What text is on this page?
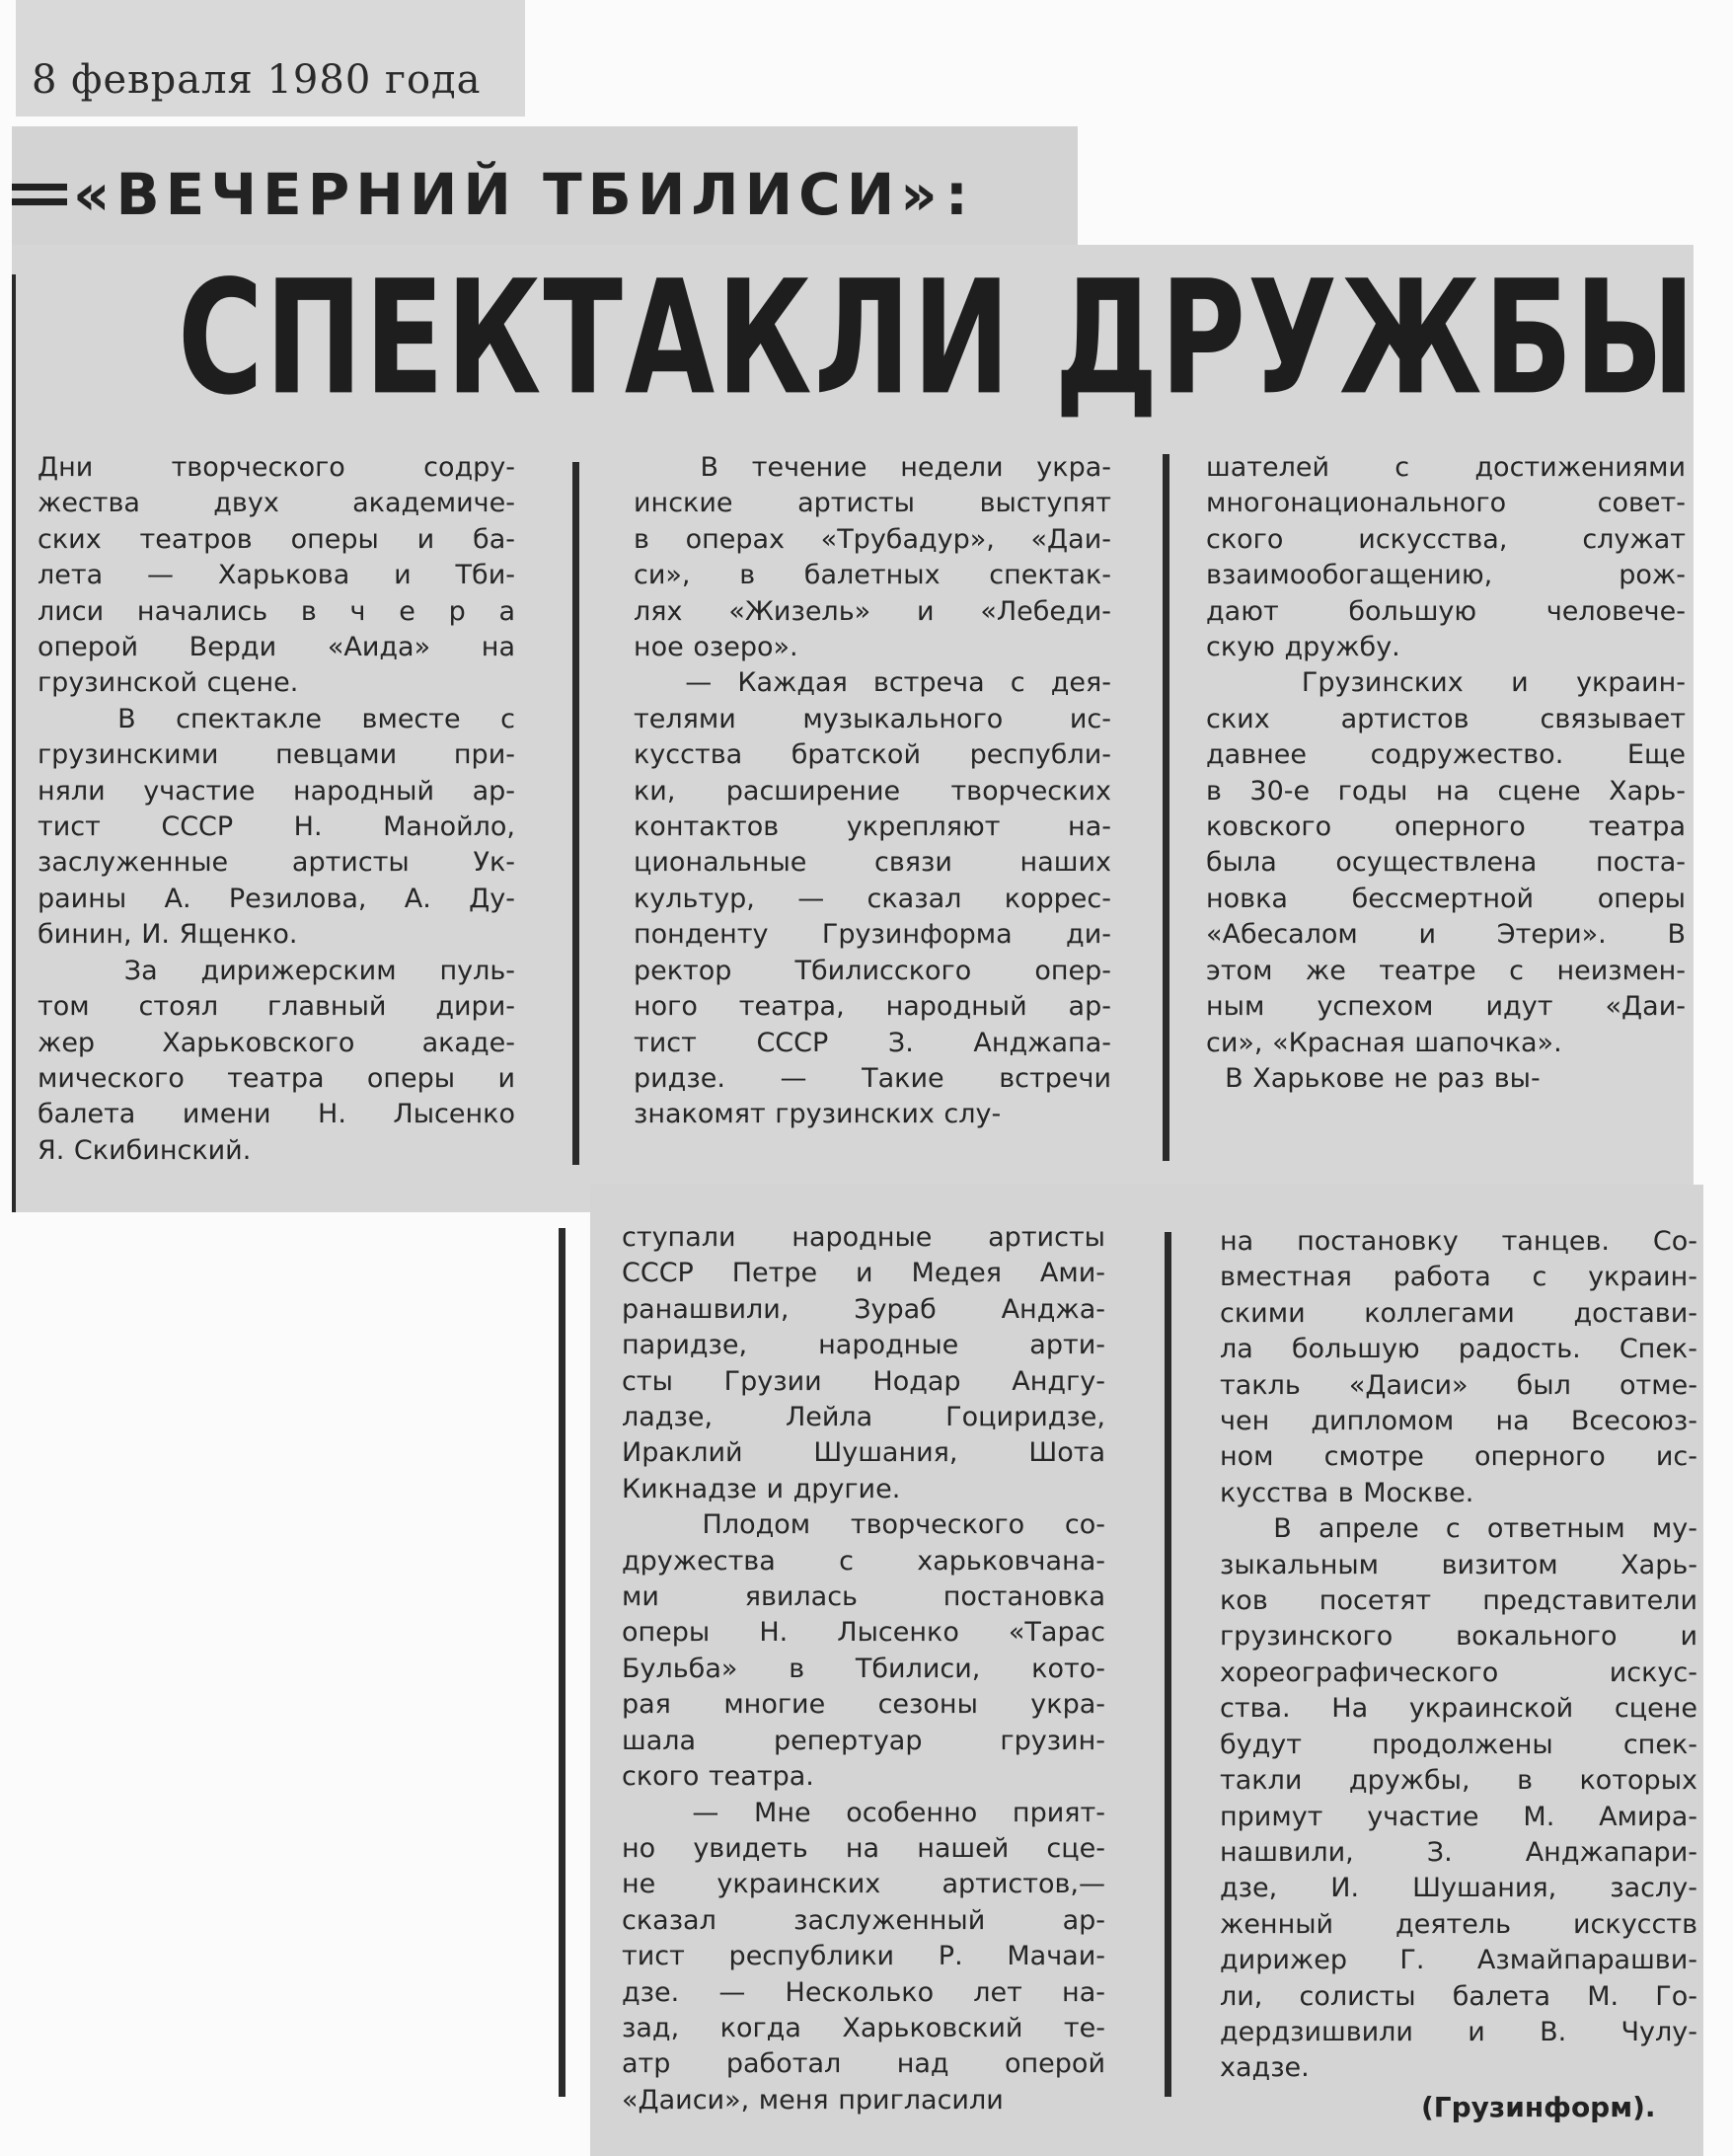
8 февраля 1980 года
«ВЕЧЕРНИЙ ТБИЛИСИ» :
СПЕКТАКЛИ ДРУЖБЫ

Дни творческого содру-

жества двух академиче-

ских театров оперы и ба-

лета — Харькова и Тби-

лиси начались в ч е р а

оперой Верди «Аида» на

грузинской сцене.

В спектакле вместе с

грузинскими певцами при-

няли участие народный ар-

тист СССР Н. Манойло,

заслуженные артисты Ук-

раины А. Резилова, А. Ду-

бинин, И. Ященко.

За дирижерским пуль-

том стоял главный дири-

жер Харьковского акаде-

мического театра оперы и

балета имени Н. Лысенко

Я. Скибинский.

В течение недели укра-

инские артисты выступят

в операх «Трубадур», «Даи-

си», в балетных спектак-

лях «Жизель» и «Лебеди-

ное озеро».

— Каждая встреча с дея-

телями музыкального ис-

кусства братской республи-

ки, расширение творческих

контактов укрепляют на-

циональные связи наших

культур, — сказал коррес-

понденту Грузинформа ди-

ректор Тбилисского опер-

ного театра, народный ар-

тист СССР З. Анджапа-

ридзе. — Такие встречи

знакомят грузинских слу-

шателей с достижениями

многонационального совет-

ского искусства, служат

взаимообогащению, рож-

дают большую человече-

скую дружбу.

Грузинских и украин-

ских артистов связывает

давнее содружество. Еще

в 30-е годы на сцене Харь-

ковского оперного театра

была осуществлена поста-

новка бессмертной оперы

«Абесалом и Этери». В

этом же театре с неизмен-

ным успехом идут «Даи-

си», «Красная шапочка».

В Харькове не раз вы-

ступали народные артисты

СССР Петре и Медея Ами-

ранашвили, Зураб Анджа-

паридзе, народные арти-

сты Грузии Нодар Андгу-

ладзе, Лейла Гоциридзе,

Ираклий Шушания, Шота

Кикнадзе и другие.

Плодом творческого со-

дружества с харьковчана-

ми явилась постановка

оперы Н. Лысенко «Тарас

Бульба» в Тбилиси, кото-

рая многие сезоны укра-

шала репертуар грузин-

ского театра.

— Мне особенно прият-

но увидеть на нашей сце-

не украинских артистов,—

сказал заслуженный ар-

тист республики Р. Мачаи-

дзе. — Несколько лет на-

зад, когда Харьковский те-

атр работал над оперой

«Даиси», меня пригласили

на постановку танцев. Со-

вместная работа с украин-

скими коллегами достави-

ла большую радость. Спек-

такль «Даиси» был отме-

чен дипломом на Всесоюз-

ном смотре оперного ис-

кусства в Москве.

В апреле с ответным му-

зыкальным визитом Харь-

ков посетят представители

грузинского вокального и

хореографического искус-

ства. На украинской сцене

будут продолжены спек-

такли дружбы, в которых

примут участие М. Амира-

нашвили, З. Анджапари-

дзе, И. Шушания, заслу-

женный деятель искусств

дирижер Г. Азмайпарашви-

ли, солисты балета М. Го-

дердзишвили и В. Чулу-

хадзе.

(Грузинформ).
